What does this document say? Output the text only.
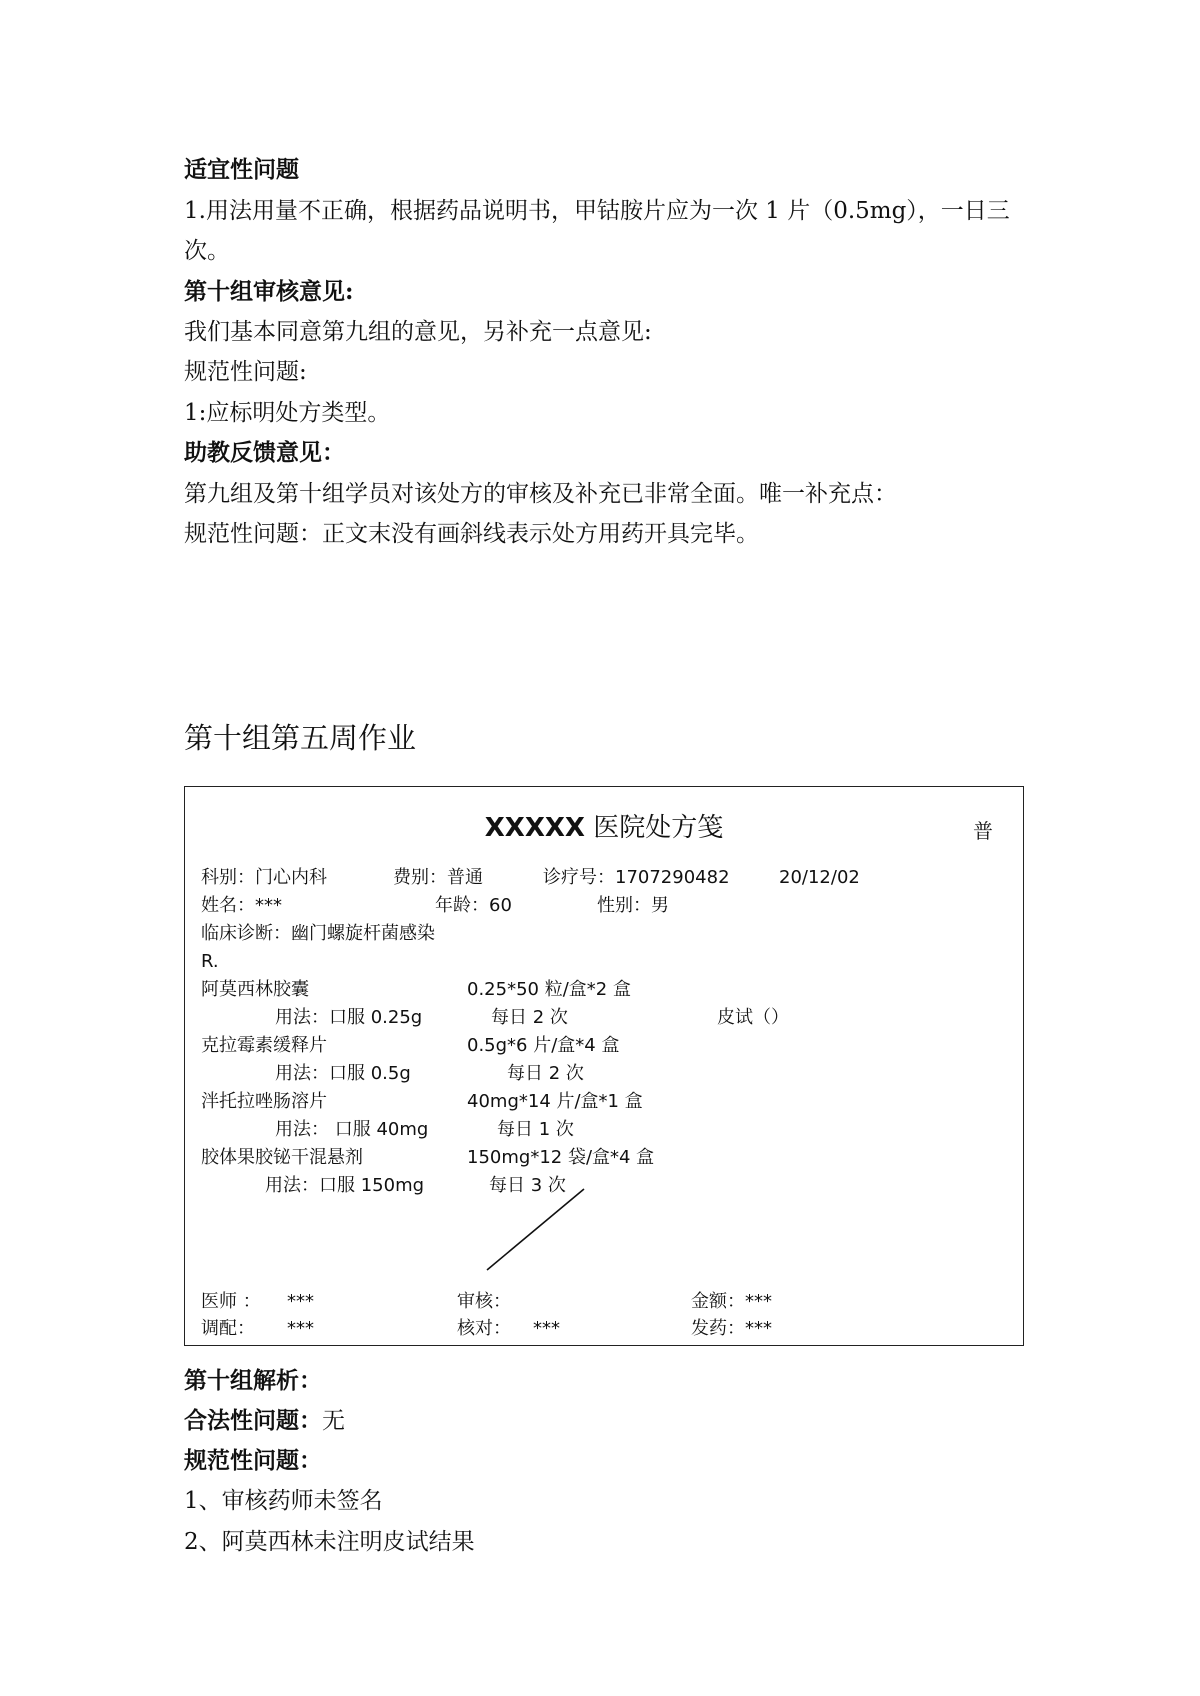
适宜性问题
1.用法用量不正确，根据药品说明书，甲钴胺片应为一次 1 片（0.5mg），一日三
次。
第十组审核意见:
我们基本同意第九组的意见，另补充一点意见:
规范性问题:
1:应标明处方类型。
助教反馈意见：
第九组及第十组学员对该处方的审核及补充已非常全面。唯一补充点：
规范性问题：正文末没有画斜线表示处方用药开具完毕。
第十组第五周作业
XXXXX 医院处方笺	普
科别：门心内科	费别：普通	诊疗号：1707290482	20/12/02
姓名：***	年龄：60	性别：男
临床诊断：幽门螺旋杆菌感染
R.
阿莫西林胶囊	0.25*50 粒/盒*2 盒
用法：口服 0.25g	每日 2 次	皮试（）
克拉霉素缓释片	0.5g*6 片/盒*4 盒
用法：口服 0.5g	每日 2 次
泮托拉唑肠溶片	40mg*14 片/盒*1 盒
用法： 口服 40mg	每日 1 次
胶体果胶铋干混悬剂	150mg*12 袋/盒*4 盒
用法：口服 150mg	每日 3 次
医师 ： ***	审核：	金额：***
调配： ***	核对： ***	发药：***
第十组解析：
合法性问题：无
规范性问题：
1、审核药师未签名
2、阿莫西林未注明皮试结果
